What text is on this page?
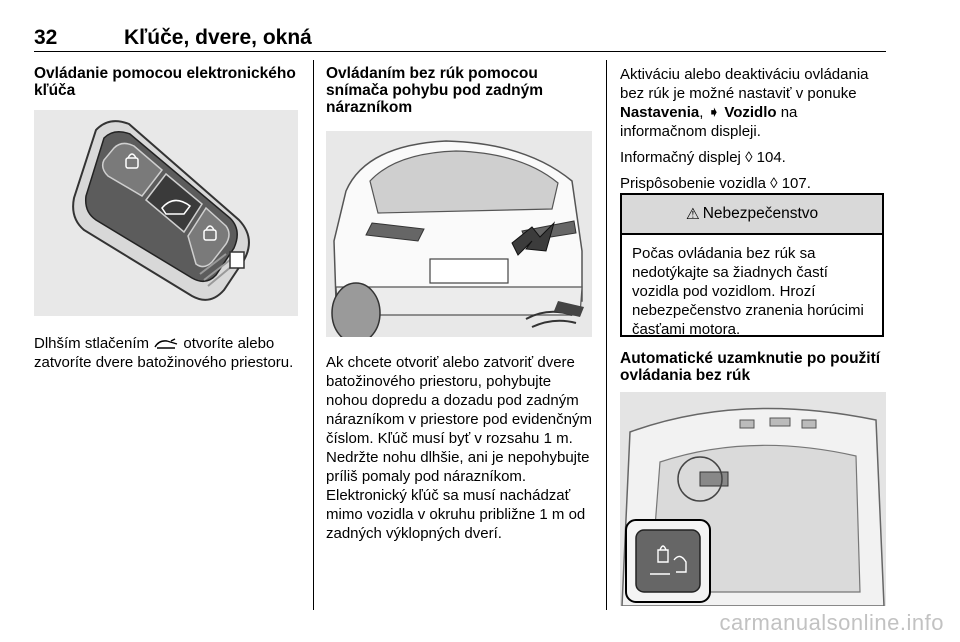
32	Kľúče, dvere, okná

Ovládanie pomocou elektronického kľúča

Dlhším stlačením otvoríte alebo zatvoríte dvere batožinového priestoru.

Ovládaním bez rúk pomocou snímača pohybu pod zadným nárazníkom

Ak chcete otvoriť alebo zatvoriť dvere batožinového priestoru, pohybujte nohou dopredu a dozadu pod zadným nárazníkom v priestore pod evidenčným číslom. Kľúč musí byť v rozsahu 1 m. Nedržte nohu dlhšie, ani je nepohybujte príliš pomaly pod nárazníkom. Elektronický kľúč sa musí nachádzať mimo vozidla v okruhu približne 1 m od zadných výklopných dverí.

Aktiváciu alebo deaktiváciu ovládania bez rúk je možné nastaviť v ponuke Nastavenia, ➧ Vozidlo na informačnom displeji.

Informačný displej ◊ 104.

Prispôsobenie vozidla ◊ 107.

⚠ Nebezpečenstvo
Počas ovládania bez rúk sa nedotýkajte sa žiadnych častí vozidla pod vozidlom. Hrozí nebezpečenstvo zranenia horúcimi časťami motora.

Automatické uzamknutie po použití ovládania bez rúk

carmanualsonline.info
